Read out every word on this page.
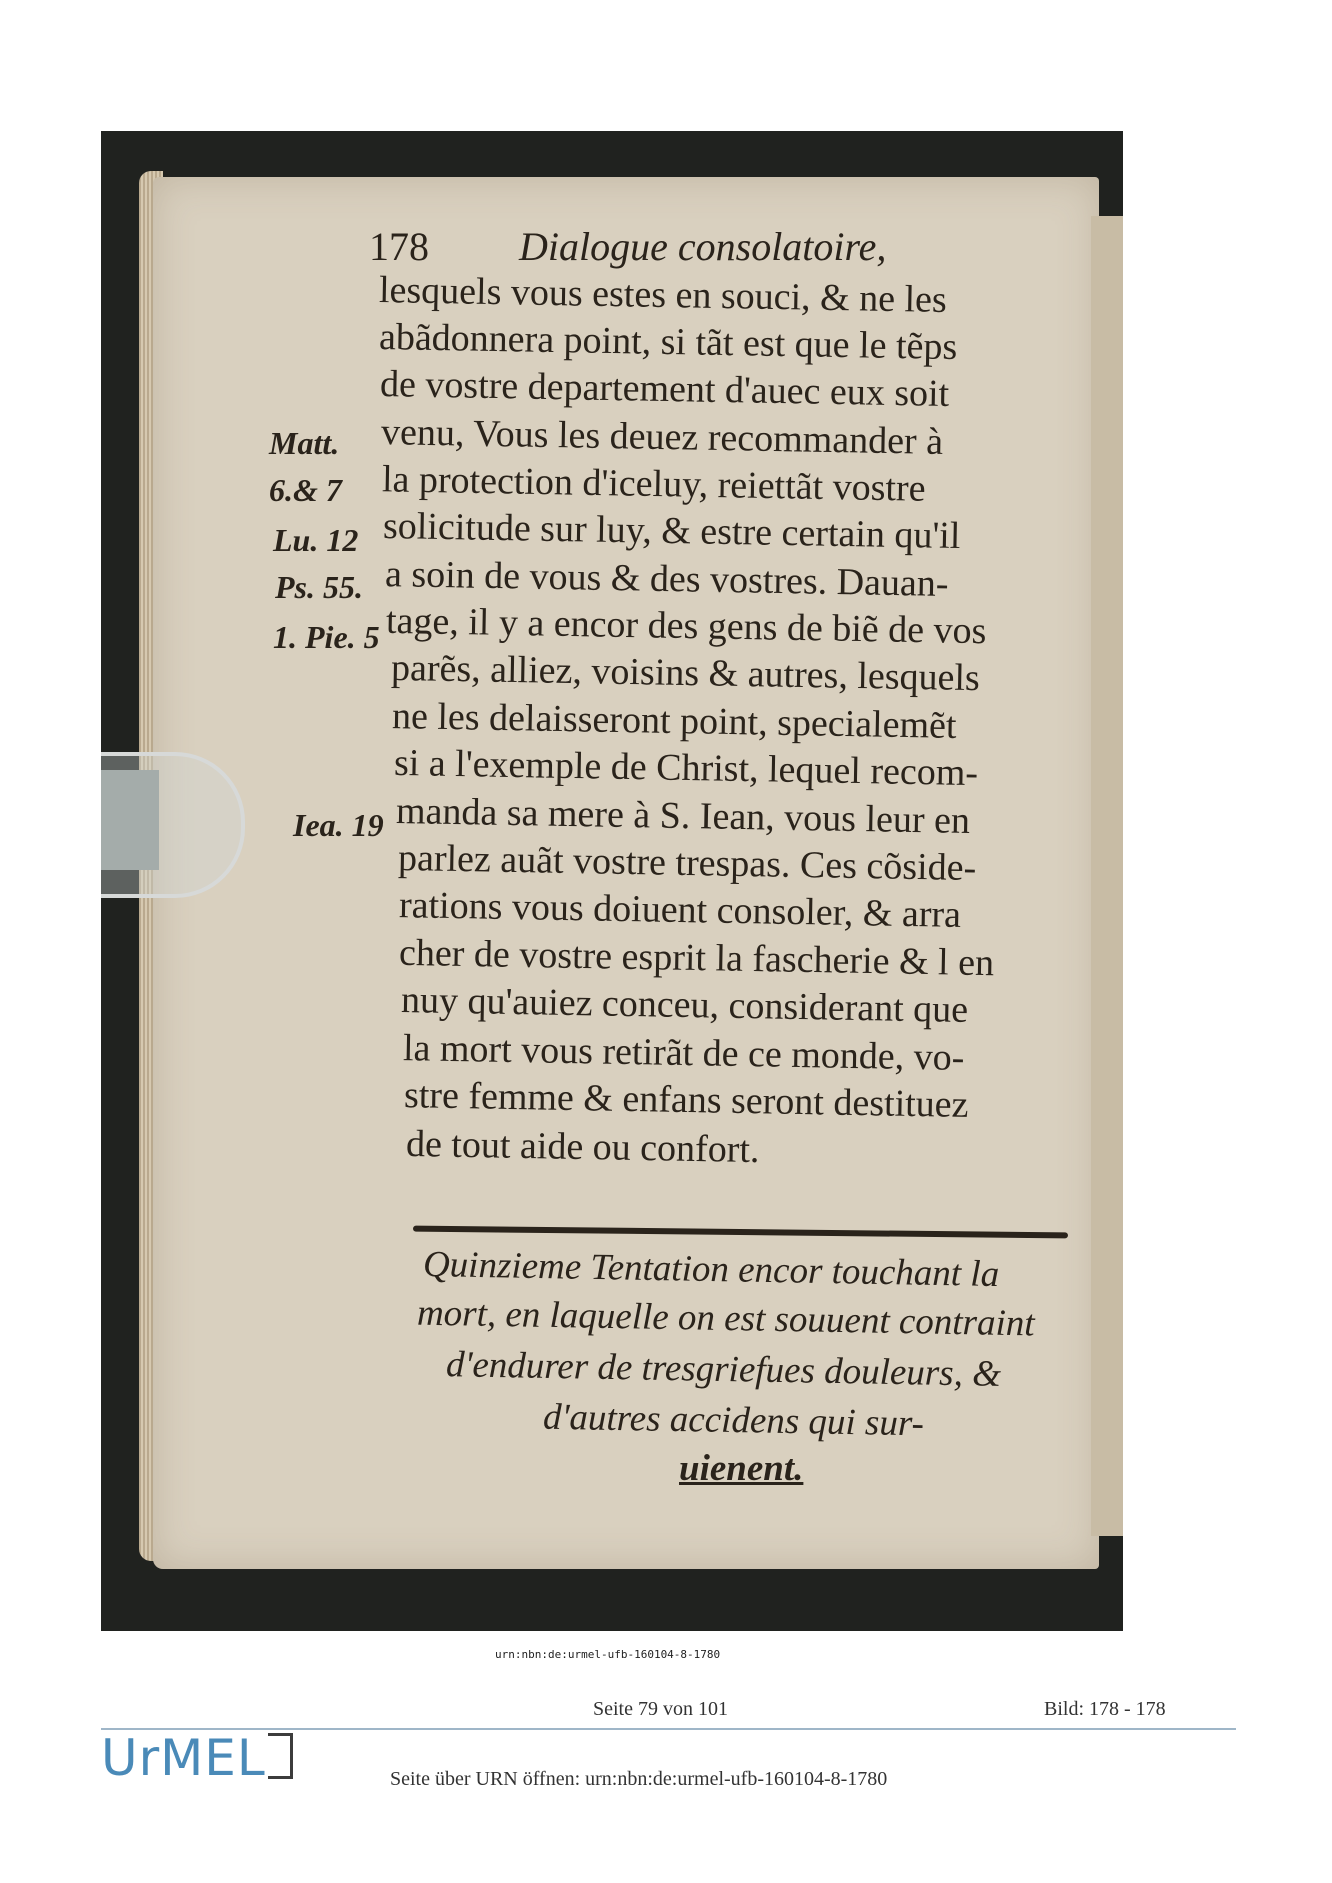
178 Dialogue consolatoire,
lesquels vous estes en souci, & ne les
abãdonnera point, si tãt est que le tẽps
de vostre departement d'auec eux soit
venu, Vous les deuez recommander à
la protection d'iceluy, reiettãt vostre
solicitude sur luy, & estre certain qu'il
a soin de vous & des vostres. Dauan-
tage, il y a encor des gens de biẽ de vos
parẽs, alliez, voisins & autres, lesquels
ne les delaisseront point, specialemẽt
si a l'exemple de Christ, lequel recom-
manda sa mere à S. Iean, vous leur en
parlez auãt vostre trespas. Ces cõside-
rations vous doiuent consoler, & arra
cher de vostre esprit la fascherie & l en
nuy qu'auiez conceu, considerant que
la mort vous retirãt de ce monde, vo-
stre femme & enfans seront destituez
de tout aide ou confort.
Matt.
6.& 7
Lu. 12
Ps. 55.
1. Pie. 5
Iea. 19
Quinzieme Tentation encor touchant la
mort, en laquelle on est souuent contraint
d'endurer de tresgriefues douleurs, &
d'autres accidens qui sur-
uienent.
urn:nbn:de:urmel-ufb-160104-8-1780
Seite 79 von 101	Bild: 178 - 178
UrMEL	Seite über URN öffnen: urn:nbn:de:urmel-ufb-160104-8-1780
